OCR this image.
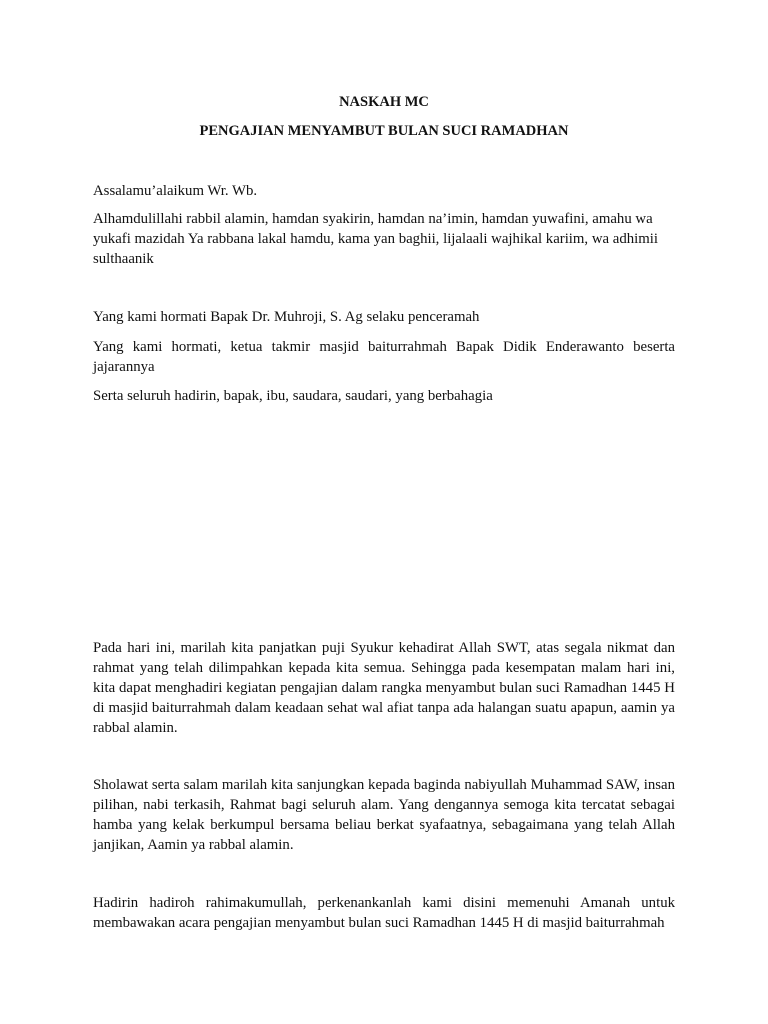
NASKAH MC
PENGAJIAN MENYAMBUT BULAN SUCI RAMADHAN

Assalamu’alaikum Wr. Wb.

Alhamdulillahi rabbil alamin, hamdan syakirin, hamdan na’imin, hamdan yuwafini, amahu wa yukafi mazidah Ya rabbana lakal hamdu, kama yan baghii, lijalaali wajhikal kariim, wa adhimii sulthaanik

Yang kami hormati Bapak Dr. Muhroji, S. Ag selaku penceramah

Yang kami hormati, ketua takmir masjid baiturrahmah Bapak Didik Enderawanto beserta jajarannya

Serta seluruh hadirin, bapak, ibu, saudara, saudari, yang berbahagia

Pada hari ini, marilah kita panjatkan puji Syukur kehadirat Allah SWT, atas segala nikmat dan rahmat yang telah dilimpahkan kepada kita semua. Sehingga pada kesempatan malam hari ini, kita dapat menghadiri kegiatan pengajian dalam rangka menyambut bulan suci Ramadhan 1445 H di masjid baiturrahmah dalam keadaan sehat wal afiat tanpa ada halangan suatu apapun, aamin ya rabbal alamin.

Sholawat serta salam marilah kita sanjungkan kepada baginda nabiyullah Muhammad SAW, insan pilihan, nabi terkasih, Rahmat bagi seluruh alam. Yang dengannya semoga kita tercatat sebagai hamba yang kelak berkumpul bersama beliau berkat syafaatnya, sebagaimana yang telah Allah janjikan, Aamin ya rabbal alamin.

Hadirin hadiroh rahimakumullah, perkenankanlah kami disini memenuhi Amanah untuk membawakan acara pengajian menyambut bulan suci Ramadhan 1445 H di masjid baiturrahmah
